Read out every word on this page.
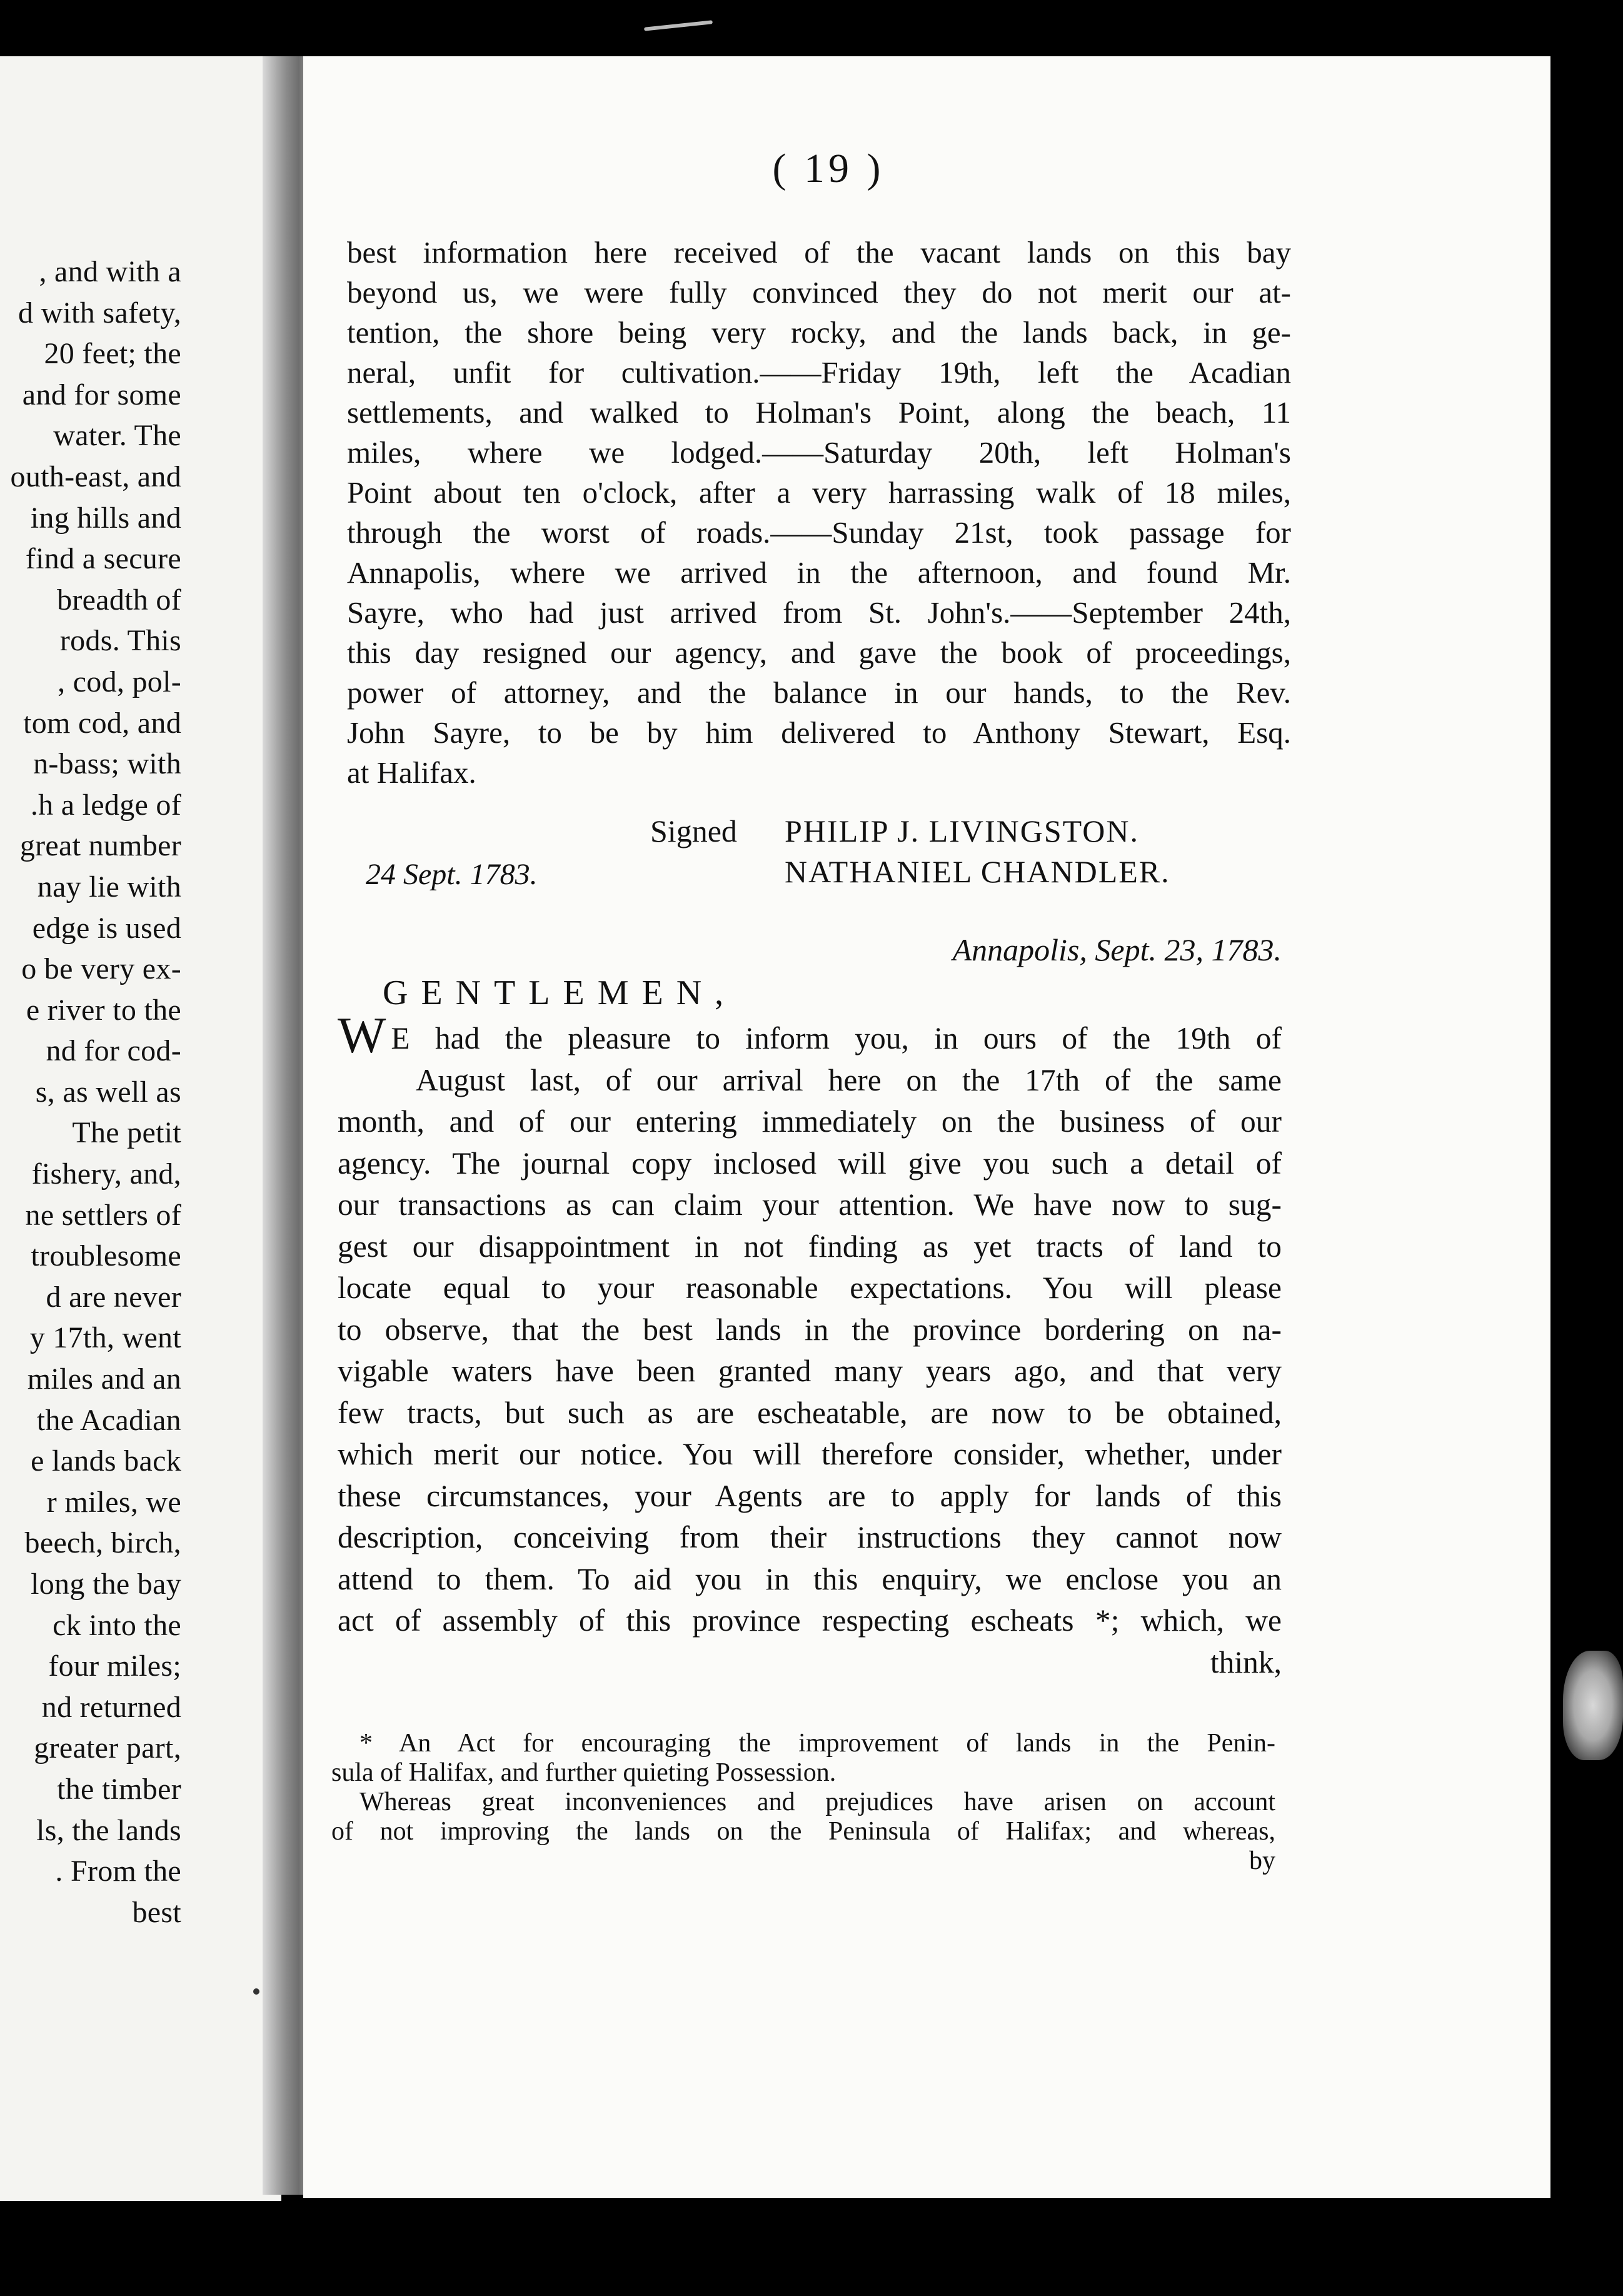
, and with a
d with safety,
20 feet; the
and for some
water. The
outh-east, and
ing hills and
find a secure
breadth of
rods. This
, cod, pol-
tom cod, and
n-bass; with
.h a ledge of
great number
nay lie with
edge is used
o be very ex-
e river to the
nd for cod-
s, as well as
The petit
fishery, and,
ne settlers of
troublesome
d are never
y 17th, went
miles and an
the Acadian
e lands back
r miles, we
beech, birch,
long the bay
ck into the
four miles;
nd returned
greater part,
the timber
ls, the lands
. From the
best
( 19 )
best information here received of the vacant lands on this bay
beyond us, we were fully convinced they do not merit our at-
tention, the shore being very rocky, and the lands back, in ge-
neral, unfit for cultivation.——Friday 19th, left the Acadian
settlements, and walked to Holman's Point, along the beach, 11
miles, where we lodged.——Saturday 20th, left Holman's
Point about ten o'clock, after a very harrassing walk of 18 miles,
through the worst of roads.——Sunday 21st, took passage for
Annapolis, where we arrived in the afternoon, and found Mr.
Sayre, who had just arrived from St. John's.——September 24th,
this day resigned our agency, and gave the book of proceedings,
power of attorney, and the balance in our hands, to the Rev.
John Sayre, to be by him delivered to Anthony Stewart, Esq.
at Halifax.
Signed PHILIP J. LIVINGSTON.
24 Sept. 1783.	NATHANIEL CHANDLER.
Annapolis, Sept. 23, 1783.
GENTLEMEN,
W E had the pleasure to inform you, in ours of the 19th of
August last, of our arrival here on the 17th of the same
month, and of our entering immediately on the business of our
agency. The journal copy inclosed will give you such a detail of
our transactions as can claim your attention. We have now to sug-
gest our disappointment in not finding as yet tracts of land to
locate equal to your reasonable expectations. You will please
to observe, that the best lands in the province bordering on na-
vigable waters have been granted many years ago, and that very
few tracts, but such as are escheatable, are now to be obtained,
which merit our notice. You will therefore consider, whether, under
these circumstances, your Agents are to apply for lands of this
description, conceiving from their instructions they cannot now
attend to them. To aid you in this enquiry, we enclose you an
act of assembly of this province respecting escheats *; which, we
think,
* An Act for encouraging the improvement of lands in the Penin-
sula of Halifax, and further quieting Possession.
Whereas great inconveniences and prejudices have arisen on account
of not improving the lands on the Peninsula of Halifax; and whereas,
by
